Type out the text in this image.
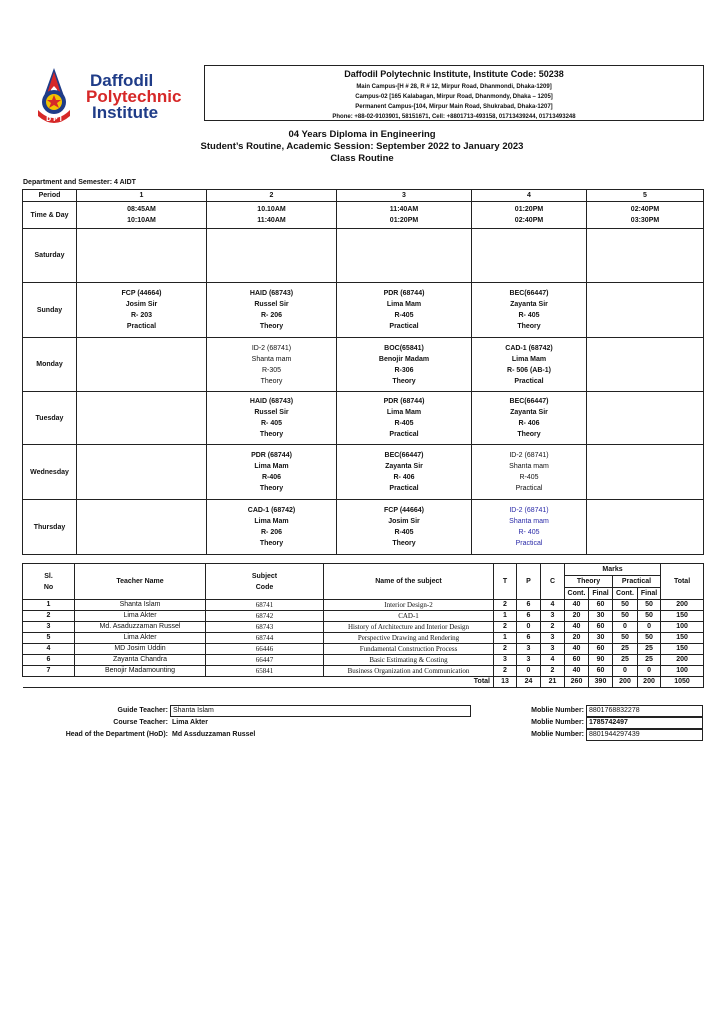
D P I
Daffodil
Polytechnic
Institute
Daffodil Polytechnic Institute, Institute Code: 50238
Main Campus-[H # 28, R # 12, Mirpur Road, Dhanmondi, Dhaka-1209]
Campus-02 [165 Kalabagan, Mirpur Road, Dhanmondy, Dhaka – 1205]
Permanent Campus-[104, Mirpur Main Road, Shukrabad, Dhaka-1207]
Phone: +88-02-9103901, 58151671, Cell: +8801713-493158, 01713439244, 01713493248
04 Years Diploma in Engineering
Student’s Routine, Academic Session: September 2022 to January 2023
Class Routine
Department and Semester: 4 AIDT
Period	1	2	3	4	5
Time & Day	08:45AM
10:10AM	10.10AM
11:40AM	11:40AM
01:20PM	01:20PM
02:40PM	02:40PM
03:30PM
Saturday					
Sunday	FCP (44664)
Josim Sir
R- 203
Practical	HAID (68743)
Russel Sir
R- 206
Theory	PDR (68744)
Lima Mam
R-405
Practical	BEC(66447)
Zayanta Sir
R- 405
Theory	
Monday		ID-2 (68741)
Shanta mam
R-305
Theory	BOC(65841)
Benojir Madam
R-306
Theory	CAD-1 (68742)
Lima Mam
R- 506 (AB-1)
Practical	
Tuesday		HAID (68743)
Russel Sir
R- 405
Theory	PDR (68744)
Lima Mam
R-405
Practical	BEC(66447)
Zayanta Sir
R- 406
Theory	
Wednesday		PDR (68744)
Lima Mam
R-406
Theory	BEC(66447)
Zayanta Sir
R- 406
Practical	ID-2 (68741)
Shanta mam
R-405
Practical	
Thursday		CAD-1 (68742)
Lima Mam
R- 206
Theory	FCP (44664)
Josim Sir
R-405
Theory	ID-2 (68741)
Shanta mam
R- 405
Practical	
Sl.
No	Teacher Name	Subject
Code	Name of the subject	T	P	C	Marks				Total
							Theory		Practical		
							Cont.	Final	Cont.	Final	
1	Shanta Islam	68741	Interior Design-2	2	6	4	40	60	50	50	200
2	Lima Akter	68742	CAD-1	1	6	3	20	30	50	50	150
3	Md. Asaduzzaman Russel	68743	History of Architecture and Interior Design	2	0	2	40	60	0	0	100
5	Lima Akter	68744	Perspective Drawing and Rendering	1	6	3	20	30	50	50	150
4	MD Josim Uddin	66446	Fundamental Construction Process	2	3	3	40	60	25	25	150
6	Zayanta Chandra	66447	Basic Estimating & Costing	3	3	4	60	90	25	25	200
7	Benojir Madamounting	65841	Business Organization and Communication	2	0	2	40	60	0	0	100
Total				13	24	21	260	390	200	200	1050
Guide Teacher: Shanta Islam
Course Teacher: Lima Akter
Head of the Department (HoD): Md Assduzzaman Russel
Moblie Number: 8801768832278
Moblie Number: 1785742497
Moblie Number: 8801944297439
